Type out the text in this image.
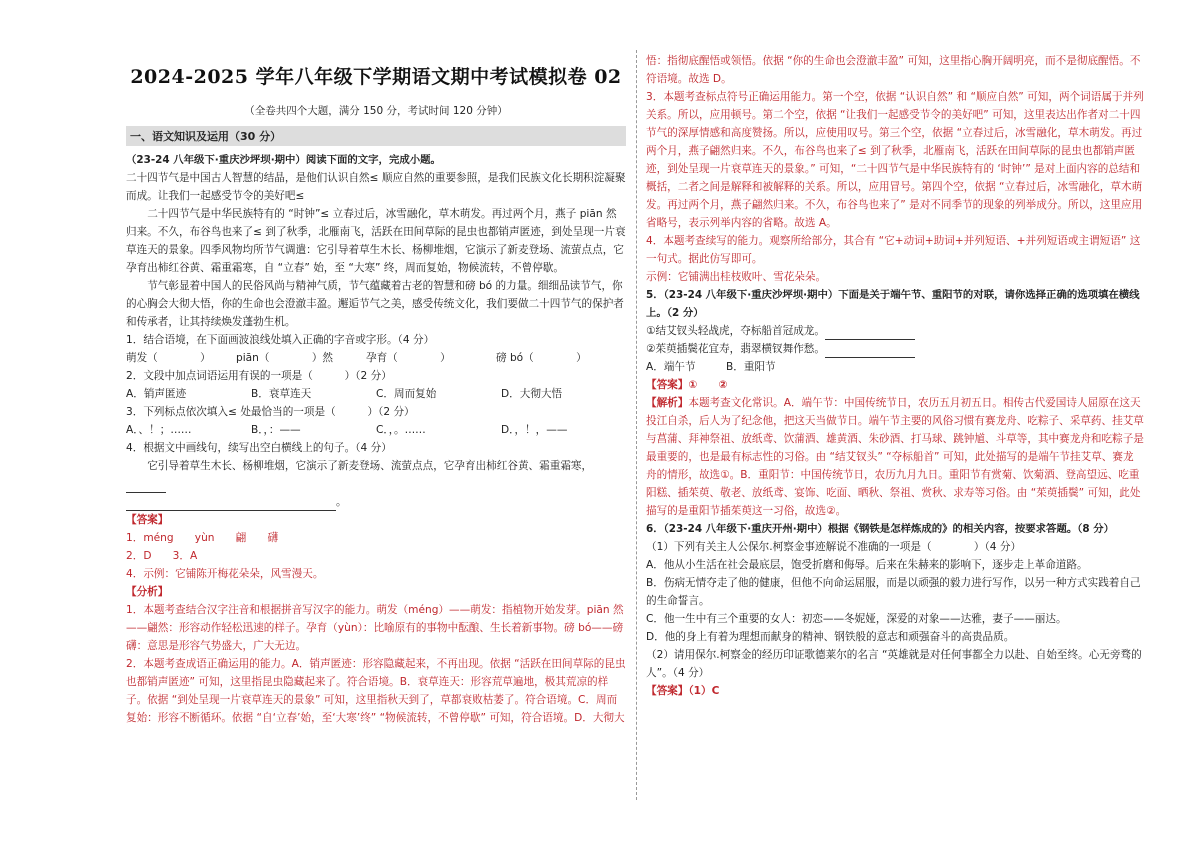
2024-2025 学年八年级下学期语文期中考试模拟卷 02
（全卷共四个大题，满分 150 分，考试时间 120 分钟）
一、语文知识及运用（30 分）

（23-24 八年级下·重庆沙坪坝·期中）阅读下面的文字，完成小题。

二十四节气是中国古人智慧的结晶，是他们认识自然≤ 顺应自然的重要参照，是我们民族文化长期积淀凝聚而成。让我们一起感受节令的美好吧≤

二十四节气是中华民族特有的 “时钟”≤ 立春过后，冰雪融化，草木萌发。再过两个月，燕子 piān 然归来。不久，布谷鸟也来了≤ 到了秋季，北雁南飞，活跃在田间草际的昆虫也都销声匿迹，到处呈现一片衰草连天的景象。四季风物均所节气调遣：它引导着草生木长、杨柳堆烟，它演示了新麦登场、流萤点点，它孕育出柿红谷黄、霜重霜寒，自 “立春” 始，至 “大寒” 终，周而复始，物候流转，不曾停歇。

节气彰显着中国人的民俗风尚与精神气质，节气蕴藏着古老的智慧和磅 bó 的力量。细细品读节气，你的心胸会大彻大悟，你的生命也会澄澈丰盈。邂逅节气之美，感受传统文化，我们要做二十四节气的保护者和传承者，让其持续焕发蓬勃生机。

1．结合语境，在下面画波浪线处填入正确的字音或字形。（4 分）

萌发（　　　　）	piān（　　　　）然	孕育（　　　　）	磅 bó（　　　　）

2．文段中加点词语运用有误的一项是（　　　）（2 分）

A．销声匿迹	B．衰草连天	C．周而复始	D．大彻大悟

3．下列标点依次填入≤ 处最恰当的一项是（　　　）（2 分）

A．、！；……	B．，：——	C．，。……	D．，！，——

4．根据文中画线句，续写出空白横线上的句子。（4 分）

它引导着草生木长、杨柳堆烟，它演示了新麦登场、流萤点点，它孕育出柿红谷黄、霜重霜寒，

。

【答案】

1．méng　　yùn　　翩　　礴

2．D　　3．A

4．示例：它铺陈开梅花朵朵，风雪漫天。

【分析】

1．本题考查结合汉字注音和根据拼音写汉字的能力。萌发（méng）——萌发：指植物开始发芽。piān 然——翩然：形容动作轻松迅速的样子。孕育（yùn）：比喻原有的事物中酝酿、生长着新事物。磅 bó——磅礴：意思是形容气势盛大，广大无边。

2．本题考查成语正确运用的能力。A．销声匿迹：形容隐藏起来，不再出现。依据 “活跃在田间草际的昆虫也都销声匿迹” 可知，这里指昆虫隐藏起来了。符合语境。B．衰草连天：形容荒草遍地，极其荒凉的样子。依据 “到处呈现一片衰草连天的景象” 可知，这里指秋天到了，草都衰败枯萎了。符合语境。C．周而复始：形容不断循环。依据 “自‘立春’始，至‘大寒’终” “物候流转，不曾停歇” 可知，符合语境。D．大彻大

悟：指彻底醒悟或领悟。依据 “你的生命也会澄澈丰盈” 可知，这里指心胸开阔明亮，而不是彻底醒悟。不符语境。故选 D。

3．本题考查标点符号正确运用能力。第一个空，依据 “认识自然” 和 “顺应自然” 可知，两个词语属于并列关系。所以，应用顿号。第二个空，依据 “让我们一起感受节令的美好吧” 可知，这里表达出作者对二十四节气的深厚情感和高度赞扬。所以，应使用叹号。第三个空，依据 “立春过后，冰雪融化，草木萌发。再过两个月，燕子翩然归来。不久，布谷鸟也来了≤ 到了秋季，北雁南飞，活跃在田间草际的昆虫也都销声匿迹，到处呈现一片衰草连天的景象。” 可知，“二十四节气是中华民族特有的 ‘时钟’” 是对上面内容的总结和概括，二者之间是解释和被解释的关系。所以，应用冒号。第四个空，依据 “立春过后，冰雪融化，草木萌发。再过两个月，燕子翩然归来。不久，布谷鸟也来了” 是对不同季节的现象的列举成分。所以，这里应用省略号，表示列举内容的省略。故选 A。

4．本题考查续写的能力。观察所给部分，其合有 “它+动词+助词+并列短语、+并列短语或主谓短语” 这一句式。据此仿写即可。

示例：它铺满出桂枝败叶、雪花朵朵。

5．（23-24 八年级下·重庆沙坪坝·期中）下面是关于端午节、重阳节的对联，请你选择正确的选项填在横线上。（2 分）

①结艾钗头轻战虎，夺标船首冠成龙。

②茱萸插鬓花宜寿，翡翠横钗舞作愁。

A．端午节	B．重阳节

【答案】①　　②

【解析】本题考查文化常识。A．端午节：中国传统节日，农历五月初五日。相传古代爱国诗人屈原在这天投江自杀，后人为了纪念他，把这天当做节日。端午节主要的风俗习惯有赛龙舟、吃粽子、采草药、挂艾草与菖蒲、拜神祭祖、放纸鸢、饮蒲酒、雄黄酒、朱砂酒、打马球、跳钟馗、斗草等，其中赛龙舟和吃粽子是最重要的，也是最有标志性的习俗。由 “结艾钗头” “夺标船首” 可知，此处描写的是端午节挂艾草、赛龙舟的情形，故选①。B．重阳节：中国传统节日，农历九月九日。重阳节有赏菊、饮菊酒、登高望远、吃重阳糕、插茱萸、敬老、放纸鸢、宴饰、吃面、晒秋、祭祖、赏秋、求寿等习俗。由 “茱萸插鬓” 可知，此处描写的是重阳节插茱萸这一习俗，故选②。

6．（23-24 八年级下·重庆开州·期中）根据《钢铁是怎样炼成的》的相关内容，按要求答题。（8 分）

（1）下列有关主人公保尔.柯察金事迹解说不准确的一项是（　　　　）（4 分）

A．他从小生活在社会最底层，饱受折磨和侮辱。后来在朱赫来的影响下，逐步走上革命道路。

B．伤病无情夺走了他的健康，但他不向命运屈服，而是以顽强的毅力进行写作，以另一种方式实践着自己的生命誓言。

C．他一生中有三个重要的女人：初恋——冬妮娅，深爱的对象——达雅，妻子——丽达。

D．他的身上有着为理想而献身的精神、钢铁般的意志和顽强奋斗的高贵品质。

（2）请用保尔.柯察金的经历印证歌德莱尔的名言 “英雄就是对任何事都全力以赴、自始至终。心无旁骛的人”。（4 分）

【答案】（1）C
